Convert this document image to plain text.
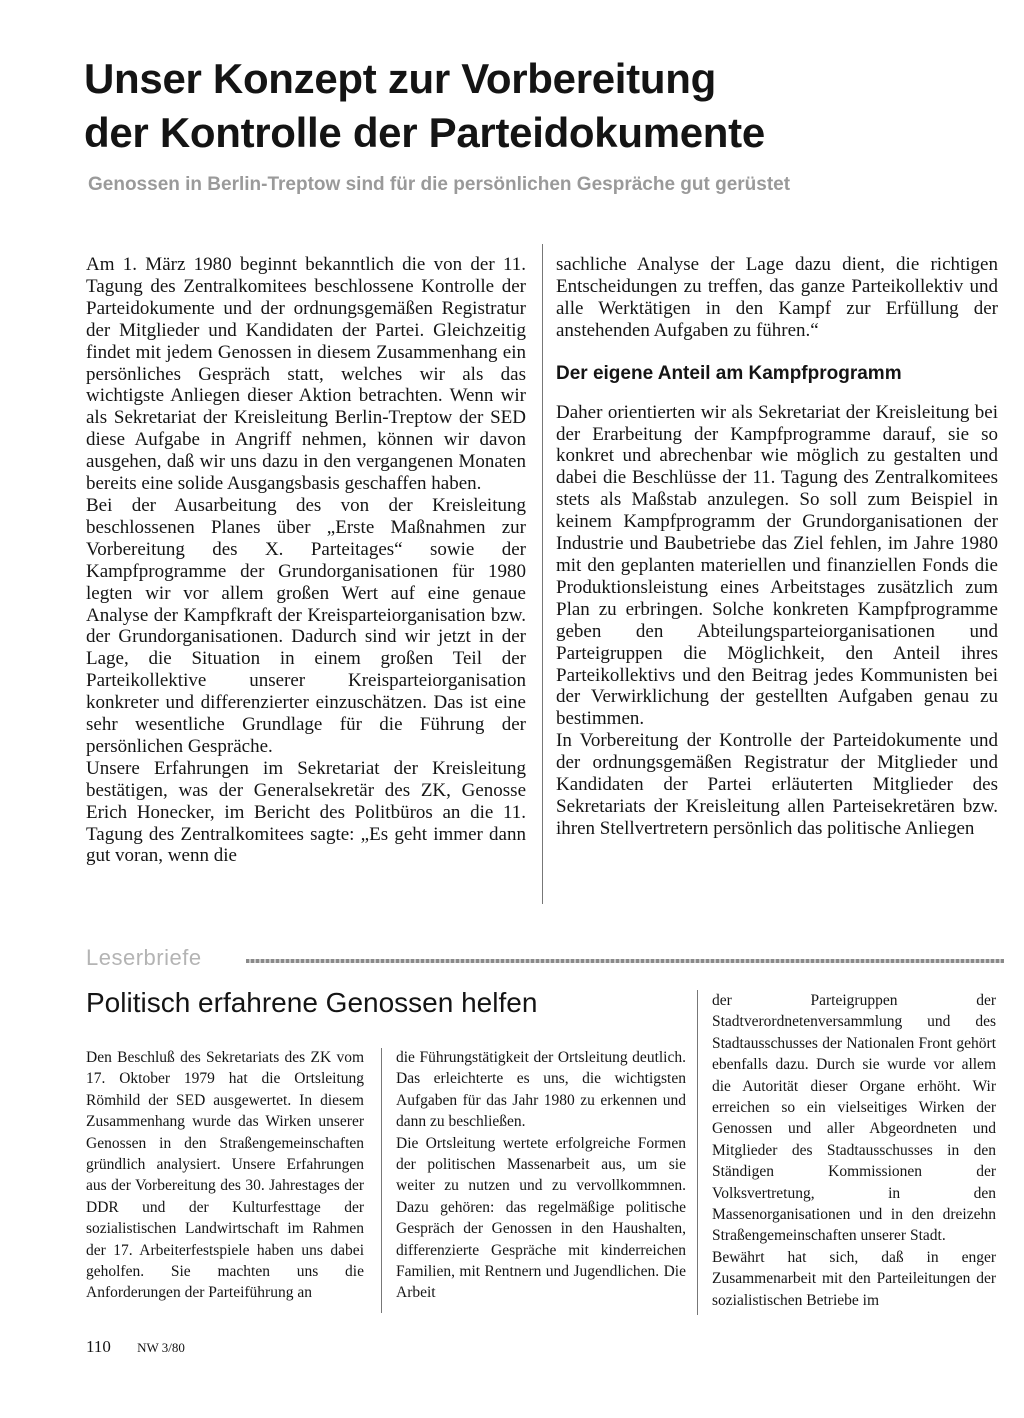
Unser Konzept zur Vorbereitung
der Kontrolle der Parteidokumente

Genossen in Berlin-Treptow sind für die persönlichen Gespräche gut gerüstet

Am 1. März 1980 beginnt bekanntlich die von der 11. Tagung des Zentralkomitees beschlossene Kontrolle der Parteidokumente und der ordnungsgemäßen Registratur der Mitglieder und Kandidaten der Partei. Gleichzeitig findet mit jedem Genossen in diesem Zusammenhang ein persönliches Gespräch statt, welches wir als das wichtigste Anliegen dieser Aktion betrachten. Wenn wir als Sekretariat der Kreisleitung Berlin-Treptow der SED diese Aufgabe in Angriff nehmen, können wir davon ausgehen, daß wir uns dazu in den vergangenen Monaten bereits eine solide Ausgangsbasis geschaffen haben.

Bei der Ausarbeitung des von der Kreisleitung beschlossenen Planes über „Erste Maßnahmen zur Vorbereitung des X. Parteitages“ sowie der Kampfprogramme der Grundorganisationen für 1980 legten wir vor allem großen Wert auf eine genaue Analyse der Kampfkraft der Kreisparteiorganisation bzw. der Grundorganisationen. Dadurch sind wir jetzt in der Lage, die Situation in einem großen Teil der Parteikollektive unserer Kreisparteiorganisation konkreter und differenzierter einzuschätzen. Das ist eine sehr wesentliche Grundlage für die Führung der persönlichen Gespräche.

Unsere Erfahrungen im Sekretariat der Kreisleitung bestätigen, was der Generalsekretär des ZK, Genosse Erich Honecker, im Bericht des Politbüros an die 11. Tagung des Zentralkomitees sagte: „Es geht immer dann gut voran, wenn die

sachliche Analyse der Lage dazu dient, die richtigen Entscheidungen zu treffen, das ganze Parteikollektiv und alle Werktätigen in den Kampf zur Erfüllung der anstehenden Aufgaben zu führen.“

Der eigene Anteil am Kampfprogramm

Daher orientierten wir als Sekretariat der Kreisleitung bei der Erarbeitung der Kampfprogramme darauf, sie so konkret und abrechenbar wie möglich zu gestalten und dabei die Beschlüsse der 11. Tagung des Zentralkomitees stets als Maßstab anzulegen. So soll zum Beispiel in keinem Kampfprogramm der Grundorganisationen der Industrie und Baubetriebe das Ziel fehlen, im Jahre 1980 mit den geplanten materiellen und finanziellen Fonds die Produktionsleistung eines Arbeitstages zusätzlich zum Plan zu erbringen. Solche konkreten Kampfprogramme geben den Abteilungsparteiorganisationen und Parteigruppen die Möglichkeit, den Anteil ihres Parteikollektivs und den Beitrag jedes Kommunisten bei der Verwirklichung der gestellten Aufgaben genau zu bestimmen.

In Vorbereitung der Kontrolle der Parteidokumente und der ordnungsgemäßen Registratur der Mitglieder und Kandidaten der Partei erläuterten Mitglieder des Sekretariats der Kreisleitung allen Parteisekretären bzw. ihren Stellvertretern persönlich das politische Anliegen

Leserbriefe
Politisch erfahrene Genossen helfen

Den Beschluß des Sekretariats des ZK vom 17. Oktober 1979 hat die Ortsleitung Römhild der SED ausgewertet. In diesem Zusammenhang wurde das Wirken unserer Genossen in den Straßengemeinschaften gründlich analysiert. Unsere Erfahrungen aus der Vorbereitung des 30. Jahrestages der DDR und der Kulturfesttage der sozialistischen Landwirtschaft im Rahmen der 17. Arbeiterfestspiele haben uns dabei geholfen. Sie machten uns die Anforderungen der Parteiführung an

die Führungstätigkeit der Ortsleitung deutlich. Das erleichterte es uns, die wichtigsten Aufgaben für das Jahr 1980 zu erkennen und dann zu beschließen.

Die Ortsleitung wertete erfolgreiche Formen der politischen Massenarbeit aus, um sie weiter zu nutzen und zu vervollkommnen. Dazu gehören: das regelmäßige politische Gespräch der Genossen in den Haushalten, differenzierte Gespräche mit kinderreichen Familien, mit Rentnern und Jugendlichen. Die Arbeit

der Parteigruppen der Stadtverordnetenversammlung und des Stadtausschusses der Nationalen Front gehört ebenfalls dazu. Durch sie wurde vor allem die Autorität dieser Organe erhöht. Wir erreichen so ein vielseitiges Wirken der Genossen und aller Abgeordneten und Mitglieder des Stadtausschusses in den Ständigen Kommissionen der Volksvertretung, in den Massenorganisationen und in den dreizehn Straßengemeinschaften unserer Stadt.

Bewährt hat sich, daß in enger Zusammenarbeit mit den Parteileitungen der sozialistischen Betriebe im

110 NW 3/80
